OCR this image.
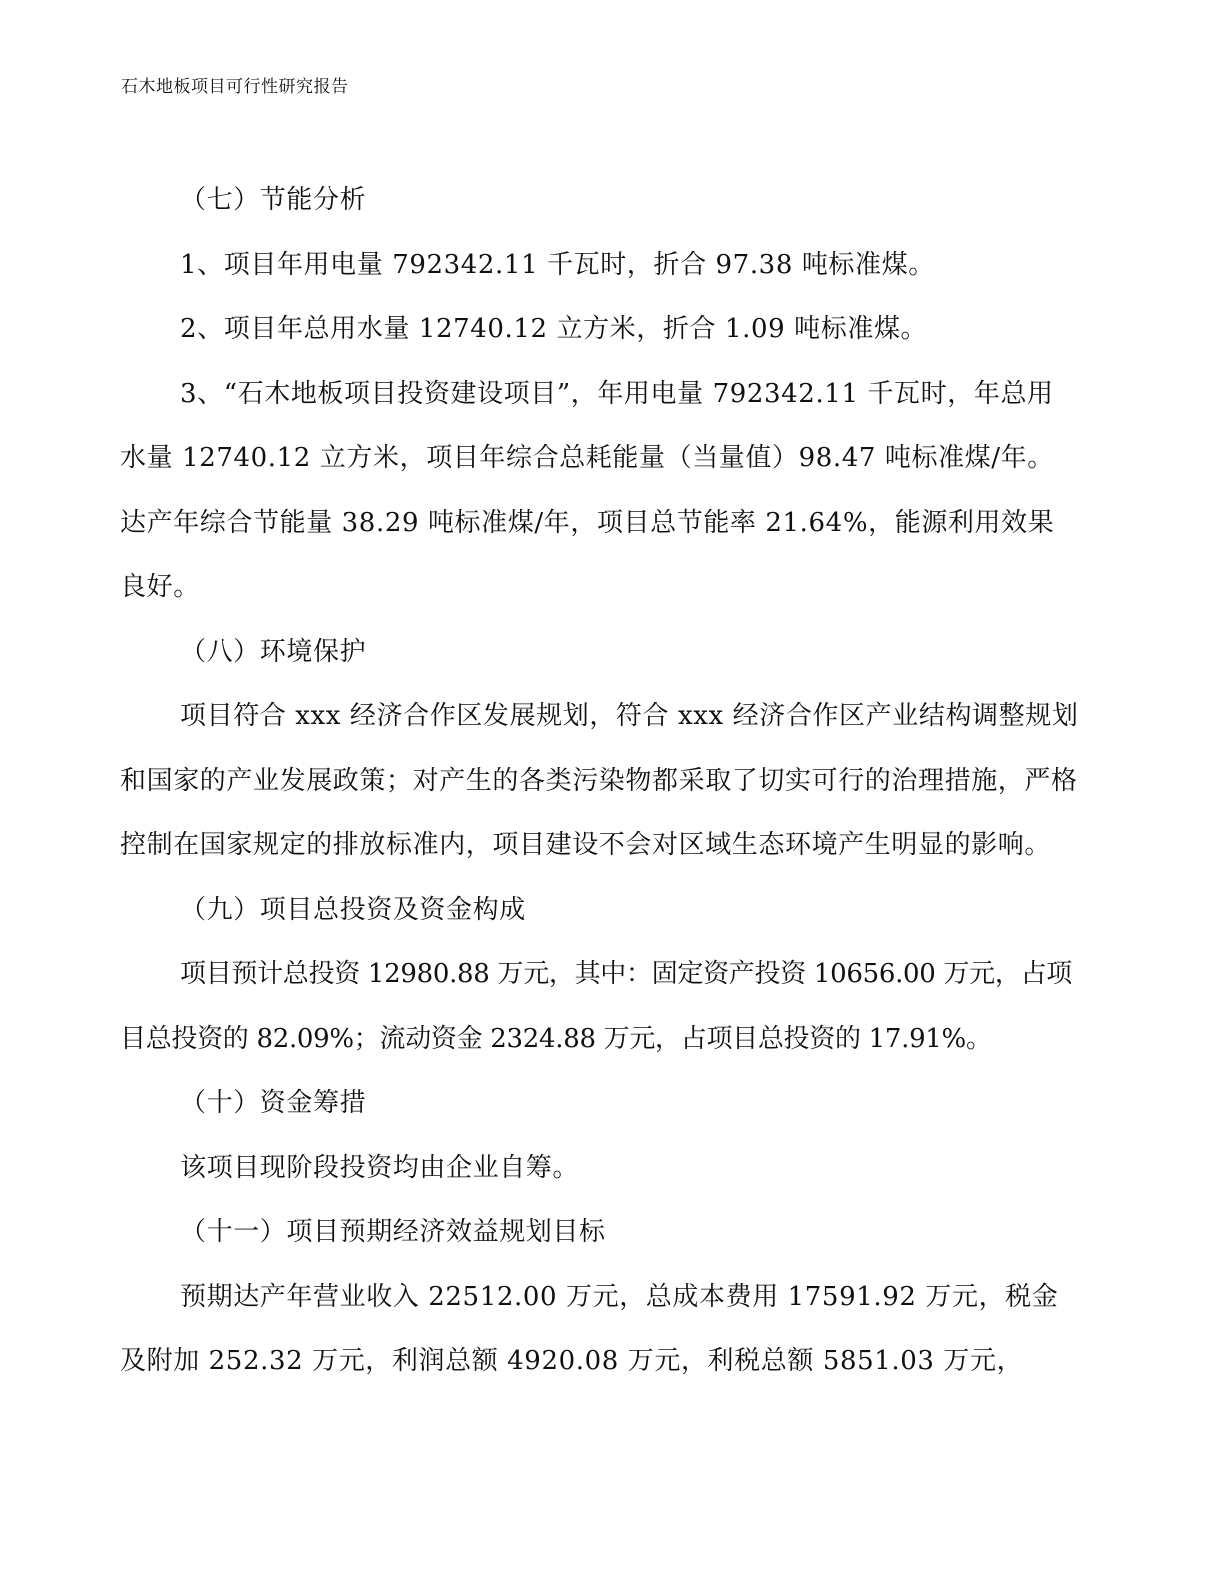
石木地板项目可行性研究报告

（七）节能分析

1、项目年用电量 792342.11 千瓦时，折合 97.38 吨标准煤。

2、项目年总用水量 12740.12 立方米，折合 1.09 吨标准煤。

3、“石木地板项目投资建设项目”，年用电量 792342.11 千瓦时，年总用水量 12740.12 立方米，项目年综合总耗能量（当量值）98.47 吨标准煤/年。达产年综合节能量 38.29 吨标准煤/年，项目总节能率 21.64%，能源利用效果良好。

（八）环境保护

项目符合 xxx 经济合作区发展规划，符合 xxx 经济合作区产业结构调整规划和国家的产业发展政策；对产生的各类污染物都采取了切实可行的治理措施，严格控制在国家规定的排放标准内，项目建设不会对区域生态环境产生明显的影响。

（九）项目总投资及资金构成

项目预计总投资 12980.88 万元，其中：固定资产投资 10656.00 万元，占项目总投资的 82.09%；流动资金 2324.88 万元，占项目总投资的 17.91%。

（十）资金筹措

该项目现阶段投资均由企业自筹。

（十一）项目预期经济效益规划目标

预期达产年营业收入 22512.00 万元，总成本费用 17591.92 万元，税金及附加 252.32 万元，利润总额 4920.08 万元，利税总额 5851.03 万元，
